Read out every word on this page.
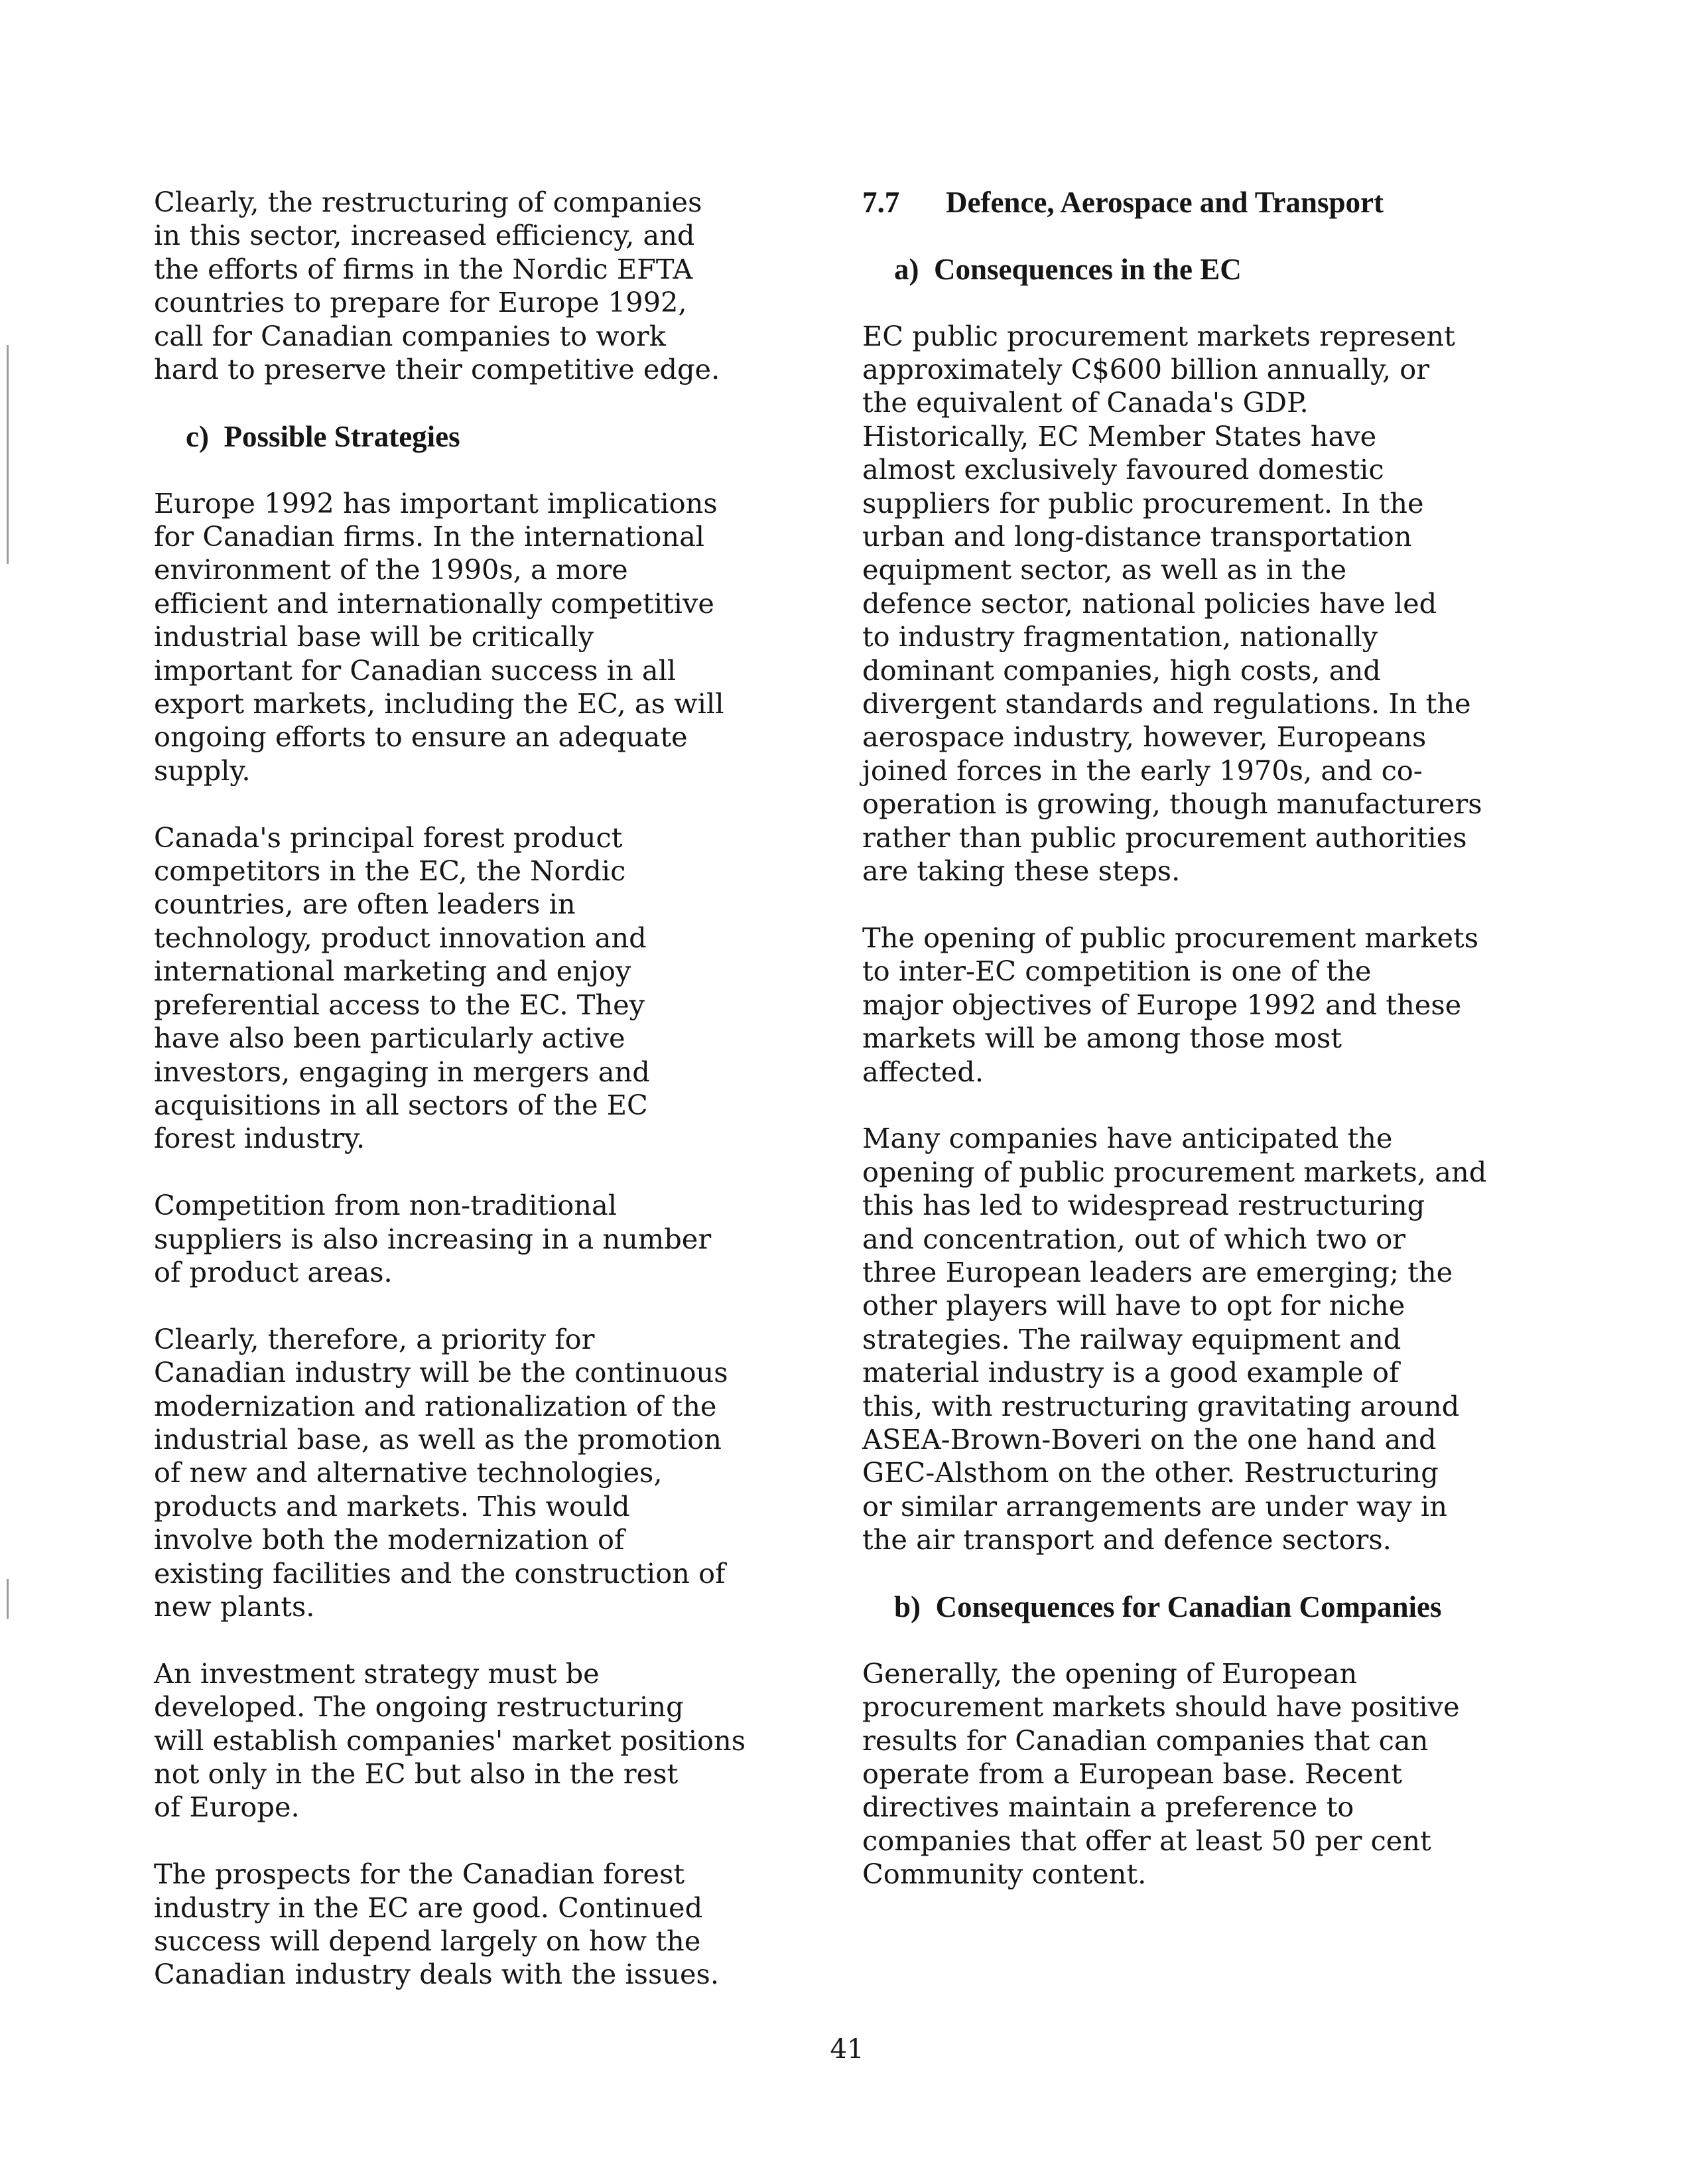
Clearly, the restructuring of companies
in this sector, increased efficiency, and
the efforts of firms in the Nordic EFTA
countries to prepare for Europe 1992,
call for Canadian companies to work
hard to preserve their competitive edge.

c)  Possible Strategies

Europe 1992 has important implications
for Canadian firms. In the international
environment of the 1990s, a more
efficient and internationally competitive
industrial base will be critically
important for Canadian success in all
export markets, including the EC, as will
ongoing efforts to ensure an adequate
supply.

Canada's principal forest product
competitors in the EC, the Nordic
countries, are often leaders in
technology, product innovation and
international marketing and enjoy
preferential access to the EC. They
have also been particularly active
investors, engaging in mergers and
acquisitions in all sectors of the EC
forest industry.

Competition from non-traditional
suppliers is also increasing in a number
of product areas.

Clearly, therefore, a priority for
Canadian industry will be the continuous
modernization and rationalization of the
industrial base, as well as the promotion
of new and alternative technologies,
products and markets. This would
involve both the modernization of
existing facilities and the construction of
new plants.

An investment strategy must be
developed. The ongoing restructuring
will establish companies' market positions
not only in the EC but also in the rest
of Europe.

The prospects for the Canadian forest
industry in the EC are good. Continued
success will depend largely on how the
Canadian industry deals with the issues.

7.7 Defence, Aerospace and Transport
a)  Consequences in the EC

EC public procurement markets represent
approximately C$600 billion annually, or
the equivalent of Canada's GDP.
Historically, EC Member States have
almost exclusively favoured domestic
suppliers for public procurement. In the
urban and long-distance transportation
equipment sector, as well as in the
defence sector, national policies have led
to industry fragmentation, nationally
dominant companies, high costs, and
divergent standards and regulations. In the
aerospace industry, however, Europeans
joined forces in the early 1970s, and co-
operation is growing, though manufacturers
rather than public procurement authorities
are taking these steps.

The opening of public procurement markets
to inter-EC competition is one of the
major objectives of Europe 1992 and these
markets will be among those most
affected.

Many companies have anticipated the
opening of public procurement markets, and
this has led to widespread restructuring
and concentration, out of which two or
three European leaders are emerging; the
other players will have to opt for niche
strategies. The railway equipment and
material industry is a good example of
this, with restructuring gravitating around
ASEA-Brown-Boveri on the one hand and
GEC-Alsthom on the other. Restructuring
or similar arrangements are under way in
the air transport and defence sectors.

b)  Consequences for Canadian Companies

Generally, the opening of European
procurement markets should have positive
results for Canadian companies that can
operate from a European base. Recent
directives maintain a preference to
companies that offer at least 50 per cent
Community content.

41
